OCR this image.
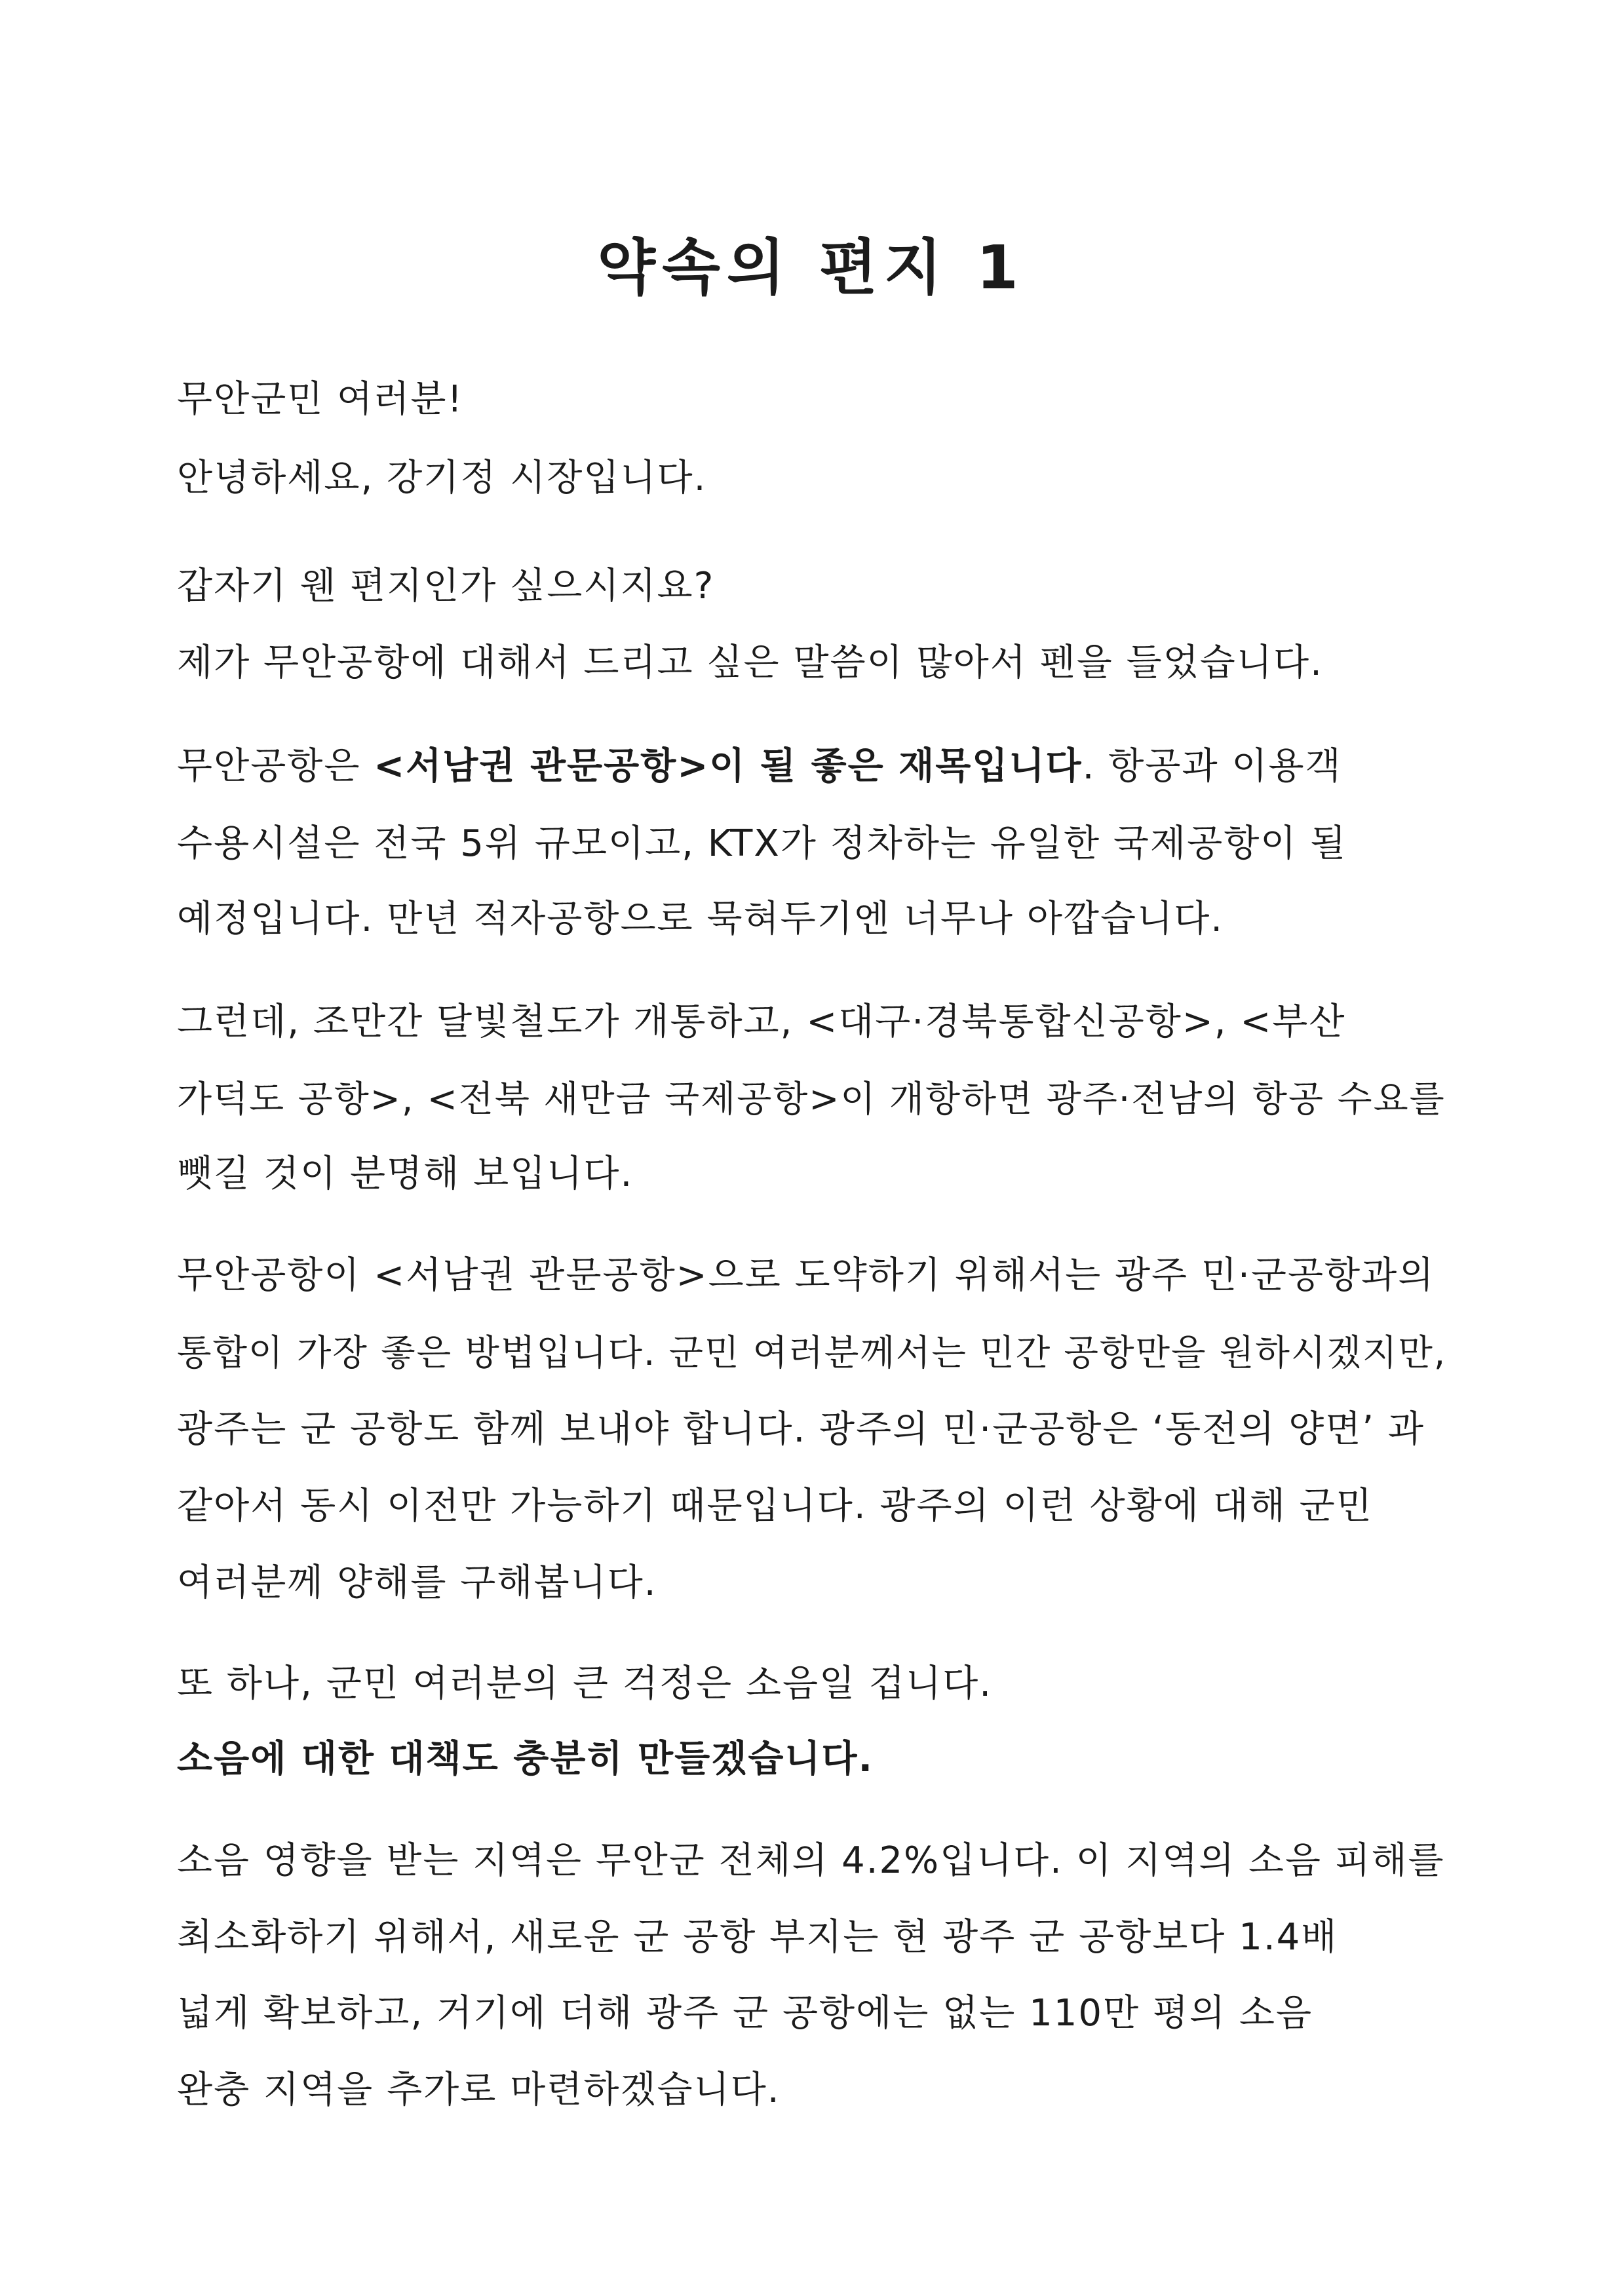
약속의 편지 1
무안군민 여러분!
안녕하세요, 강기정 시장입니다.
갑자기 웬 편지인가 싶으시지요?
제가 무안공항에 대해서 드리고 싶은 말씀이 많아서 펜을 들었습니다.
무안공항은 <서남권 관문공항>이 될 좋은 재목입니다. 항공과 이용객
수용시설은 전국 5위 규모이고, KTX가 정차하는 유일한 국제공항이 될
예정입니다. 만년 적자공항으로 묵혀두기엔 너무나 아깝습니다.
그런데, 조만간 달빛철도가 개통하고, <대구·경북통합신공항>, <부산
가덕도 공항>, <전북 새만금 국제공항>이 개항하면 광주·전남의 항공 수요를
뺏길 것이 분명해 보입니다.
무안공항이 <서남권 관문공항>으로 도약하기 위해서는 광주 민·군공항과의
통합이 가장 좋은 방법입니다. 군민 여러분께서는 민간 공항만을 원하시겠지만,
광주는 군 공항도 함께 보내야 합니다. 광주의 민·군공항은 ‘동전의 양면’ 과
같아서 동시 이전만 가능하기 때문입니다. 광주의 이런 상황에 대해 군민
여러분께 양해를 구해봅니다.
또 하나, 군민 여러분의 큰 걱정은 소음일 겁니다.
소음에 대한 대책도 충분히 만들겠습니다.
소음 영향을 받는 지역은 무안군 전체의 4.2%입니다. 이 지역의 소음 피해를
최소화하기 위해서, 새로운 군 공항 부지는 현 광주 군 공항보다 1.4배
넓게 확보하고, 거기에 더해 광주 군 공항에는 없는 110만 평의 소음
완충 지역을 추가로 마련하겠습니다.
